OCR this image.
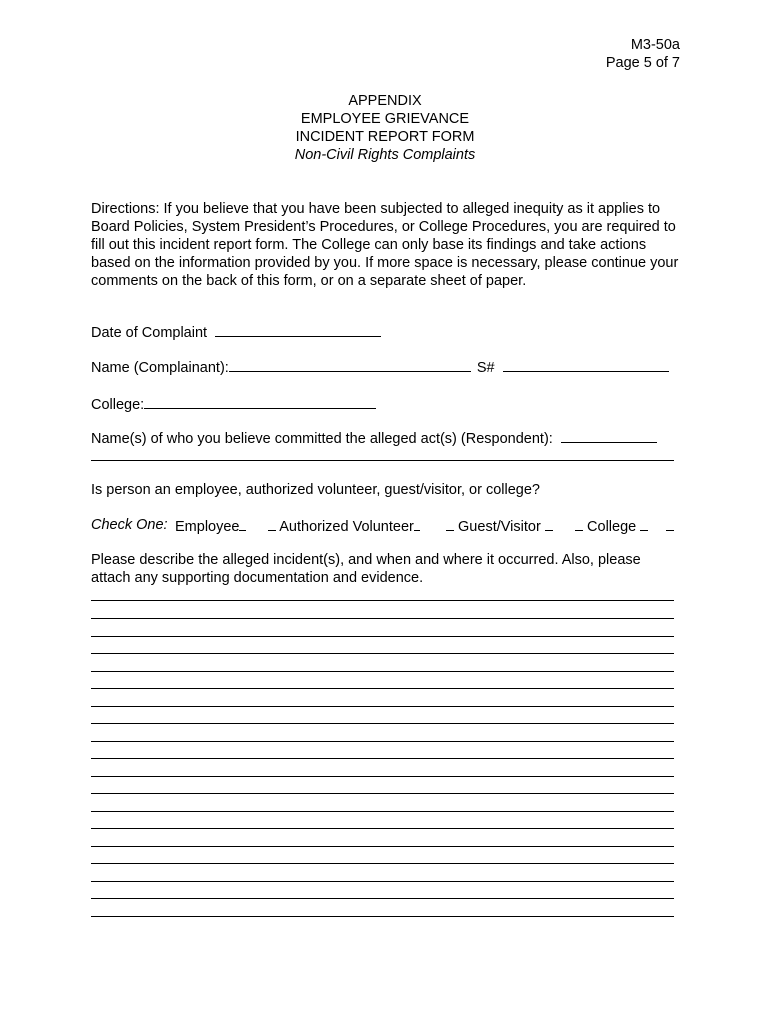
M3-50a
Page 5 of 7
APPENDIX
EMPLOYEE GRIEVANCE
INCIDENT REPORT FORM
Non-Civil Rights Complaints
Directions: If you believe that you have been subjected to alleged inequity as it applies to Board Policies, System President’s Procedures, or College Procedures, you are required to fill out this incident report form. The College can only base its findings and take actions based on the information provided by you. If more space is necessary, please continue your comments on the back of this form, or on a separate sheet of paper.
Date of Complaint
Name (Complainant):	S#
College:
Name(s) of who you believe committed the alleged act(s) (Respondent):
Is person an employee, authorized volunteer, guest/visitor, or college?
Check One: Employee	Authorized Volunteer	Guest/Visitor	College
Please describe the alleged incident(s), and when and where it occurred. Also, please attach any supporting documentation and evidence.
